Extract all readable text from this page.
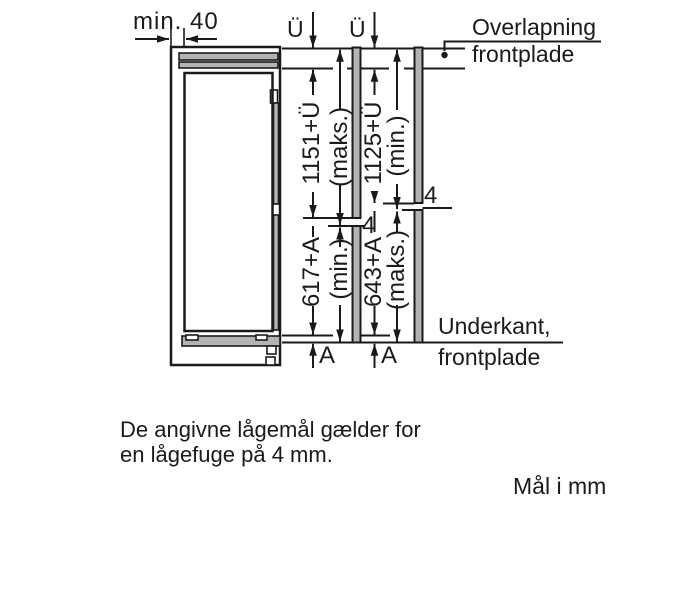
min. 40	Ü Ü	Overlapning
frontplade
1151+Ü (maks.) 1125+Ü
(min.)
4
4
617+A (min.) 643+A
(maks.)
Underkant,
frontplade
A A
De angivne lågemål gælder for
en lågefuge på 4 mm.
Mål i mm
